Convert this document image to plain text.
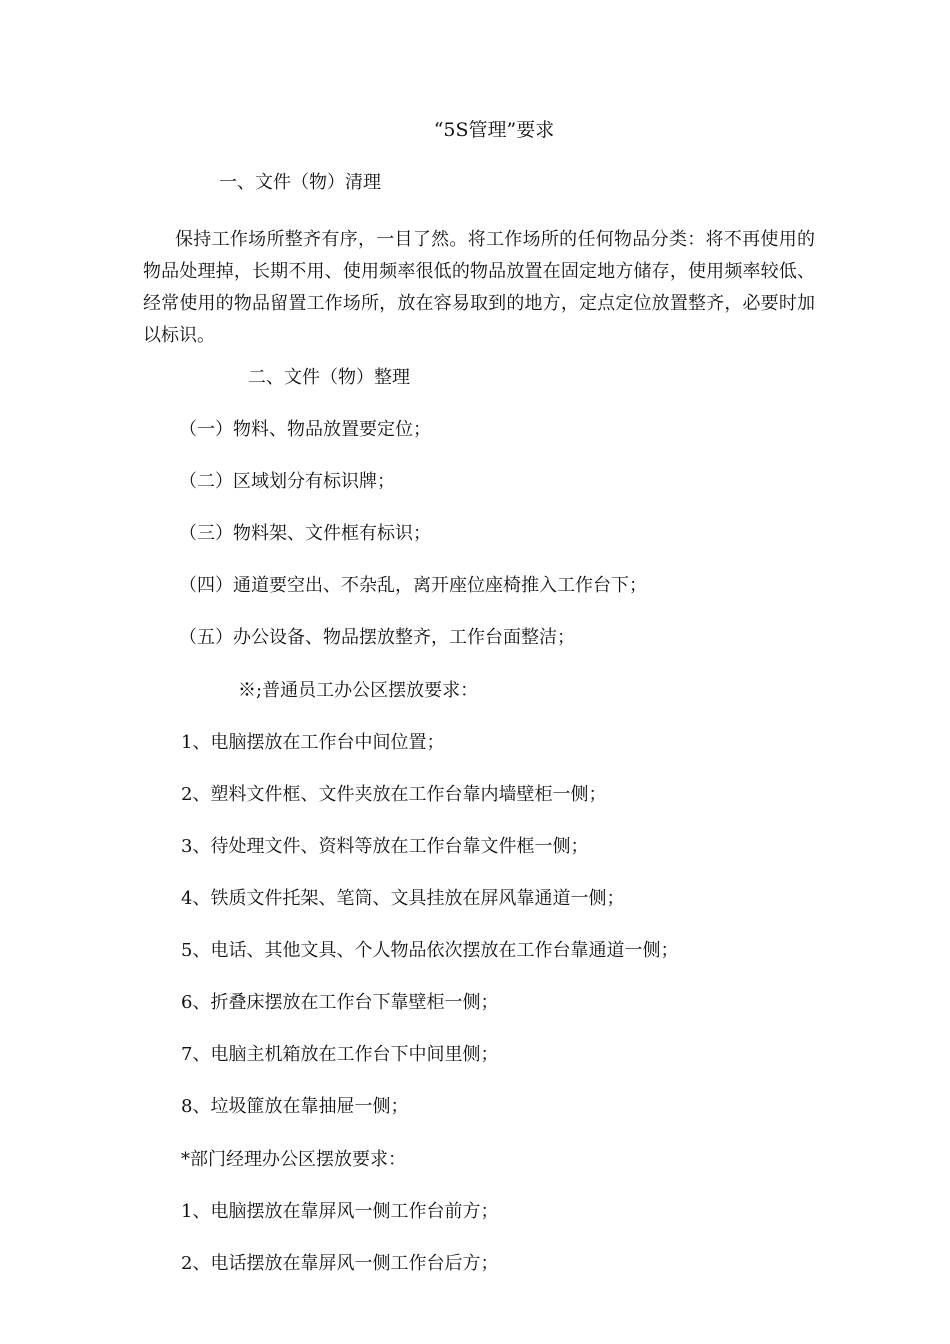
“5S管理”要求
一、文件（物）清理
保持工作场所整齐有序，一目了然。将工作场所的任何物品分类：将不再使用的物品处理掉，长期不用、使用频率很低的物品放置在固定地方储存，使用频率较低、经常使用的物品留置工作场所，放在容易取到的地方，定点定位放置整齐，必要时加以标识。
二、文件（物）整理
（一）物料、物品放置要定位；
（二）区域划分有标识牌；
（三）物料架、文件框有标识；
（四）通道要空出、不杂乱，离开座位座椅推入工作台下；
（五）办公设备、物品摆放整齐，工作台面整洁；
※;普通员工办公区摆放要求：
1、电脑摆放在工作台中间位置；
2、塑料文件框、文件夹放在工作台靠内墙壁柜一侧；
3、待处理文件、资料等放在工作台靠文件框一侧；
4、铁质文件托架、笔筒、文具挂放在屏风靠通道一侧；
5、电话、其他文具、个人物品依次摆放在工作台靠通道一侧；
6、折叠床摆放在工作台下靠壁柜一侧；
7、电脑主机箱放在工作台下中间里侧；
8、垃圾篚放在靠抽屉一侧；
*部门经理办公区摆放要求：
1、电脑摆放在靠屏风一侧工作台前方；
2、电话摆放在靠屏风一侧工作台后方；
